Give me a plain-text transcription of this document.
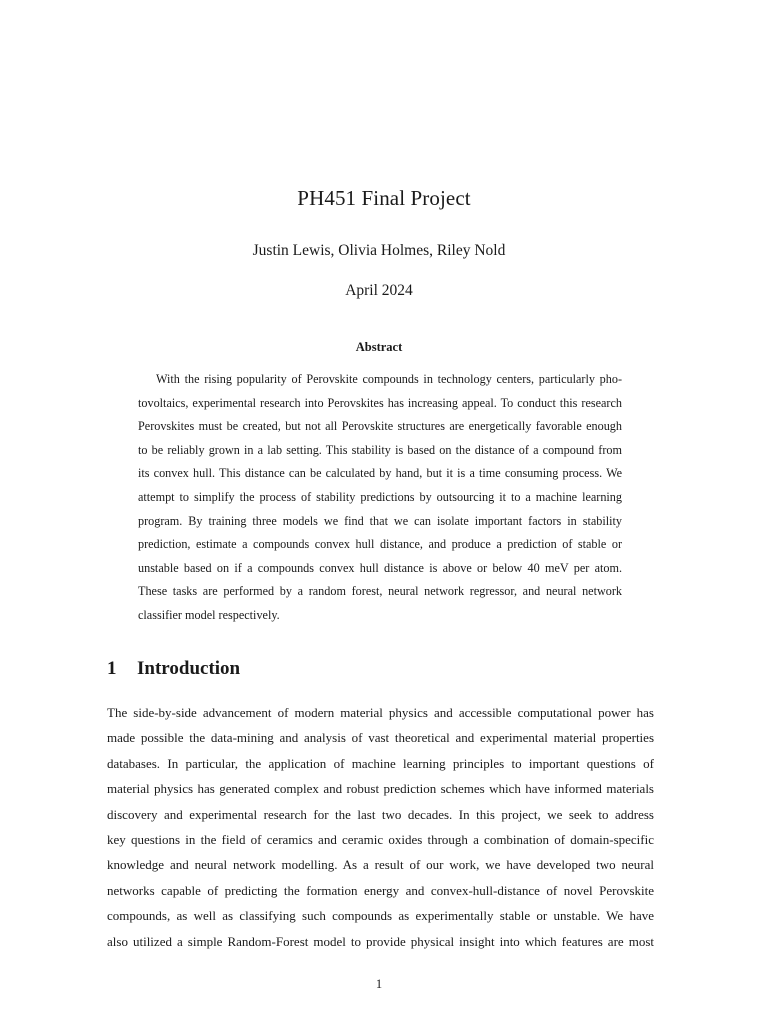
PH451 Final Project
Justin Lewis, Olivia Holmes, Riley Nold
April 2024
Abstract
With the rising popularity of Perovskite compounds in technology centers, particularly pho-
tovoltaics, experimental research into Perovskites has increasing appeal. To conduct this research
Perovskites must be created, but not all Perovskite structures are energetically favorable enough
to be reliably grown in a lab setting. This stability is based on the distance of a compound from
its convex hull. This distance can be calculated by hand, but it is a time consuming process. We
attempt to simplify the process of stability predictions by outsourcing it to a machine learning
program. By training three models we find that we can isolate important factors in stability
prediction, estimate a compounds convex hull distance, and produce a prediction of stable or
unstable based on if a compounds convex hull distance is above or below 40 meV per atom.
These tasks are performed by a random forest, neural network regressor, and neural network
classifier model respectively.
1 Introduction
The side-by-side advancement of modern material physics and accessible computational power has
made possible the data-mining and analysis of vast theoretical and experimental material properties
databases. In particular, the application of machine learning principles to important questions of
material physics has generated complex and robust prediction schemes which have informed materials
discovery and experimental research for the last two decades. In this project, we seek to address
key questions in the field of ceramics and ceramic oxides through a combination of domain-specific
knowledge and neural network modelling. As a result of our work, we have developed two neural
networks capable of predicting the formation energy and convex-hull-distance of novel Perovskite
compounds, as well as classifying such compounds as experimentally stable or unstable. We have
also utilized a simple Random-Forest model to provide physical insight into which features are most
1
